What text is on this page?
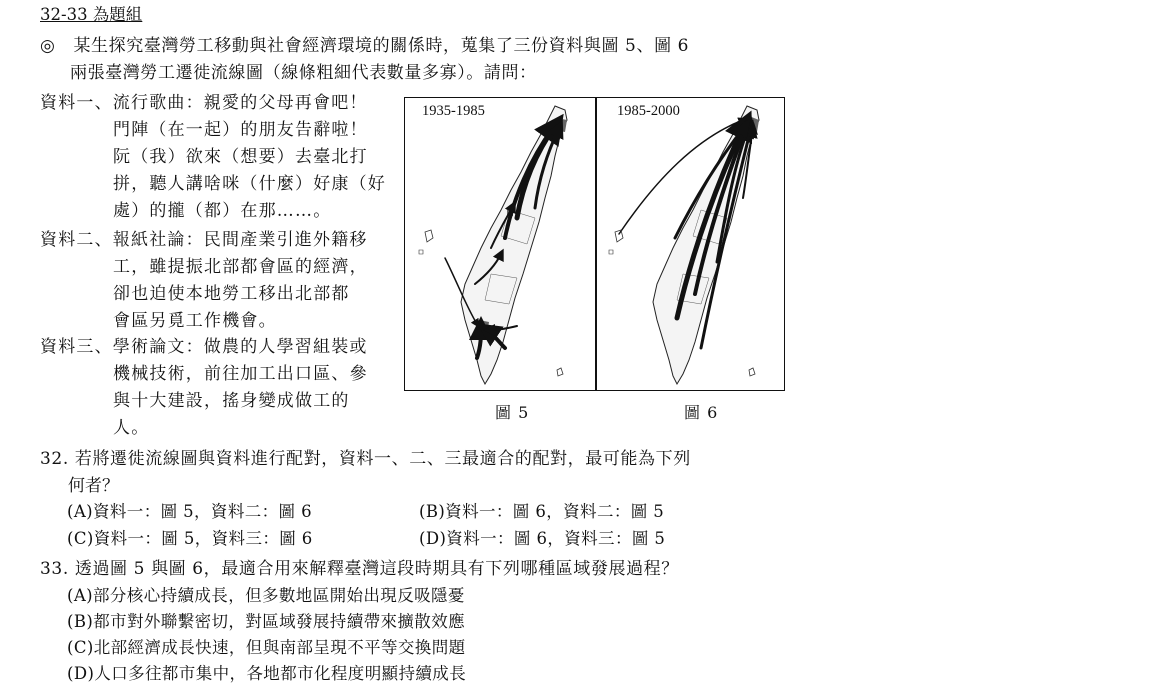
32-33 為題組
◎ 某生探究臺灣勞工移動與社會經濟環境的關係時，蒐集了三份資料與圖 5、圖 6
兩張臺灣勞工遷徙流線圖（線條粗細代表數量多寡）。請問：
資料一、流行歌曲：親愛的父母再會吧！
門陣（在一起）的朋友告辭啦！
阮（我）欲來（想要）去臺北打
拼，聽人講啥咪（什麼）好康（好
處）的攏（都）在那……。
資料二、報紙社論：民間產業引進外籍移
工，雖提振北部都會區的經濟，
卻也迫使本地勞工移出北部都
會區另覓工作機會。
資料三、學術論文：做農的人學習組裝或
機械技術，前往加工出口區、參
與十大建設，搖身變成做工的
人。
1935-1985	1985-2000
圖 5	圖 6
32. 若將遷徙流線圖與資料進行配對，資料一、二、三最適合的配對，最可能為下列
何者？
(A)資料一：圖 5，資料二：圖 6	(B)資料一：圖 6，資料二：圖 5
(C)資料一：圖 5，資料三：圖 6	(D)資料一：圖 6，資料三：圖 5
33. 透過圖 5 與圖 6，最適合用來解釋臺灣這段時期具有下列哪種區域發展過程？
(A)部分核心持續成長，但多數地區開始出現反吸隱憂
(B)都市對外聯繫密切，對區域發展持續帶來擴散效應
(C)北部經濟成長快速，但與南部呈現不平等交換問題
(D)人口多往都市集中，各地都市化程度明顯持續成長
